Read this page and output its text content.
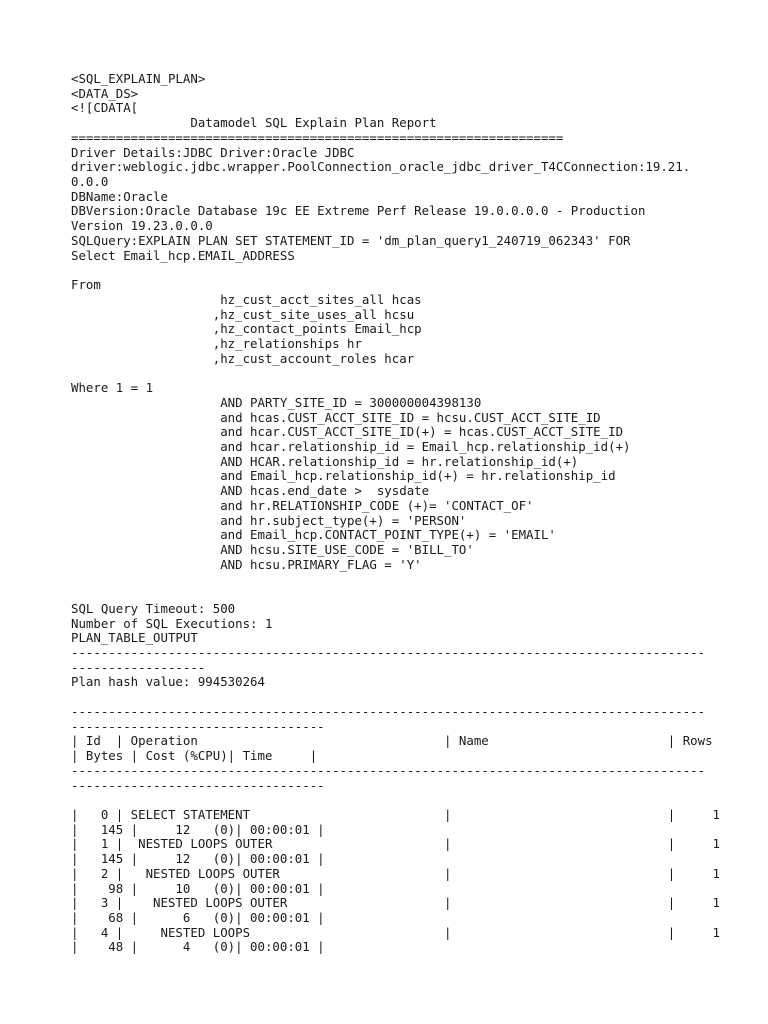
<SQL_EXPLAIN_PLAN>
<DATA_DS>
<![CDATA[
Datamodel SQL Explain Plan Report
==================================================================
Driver Details:JDBC Driver:Oracle JDBC
driver:weblogic.jdbc.wrapper.PoolConnection_oracle_jdbc_driver_T4CConnection:19.21.
0.0.0
DBName:Oracle
DBVersion:Oracle Database 19c EE Extreme Perf Release 19.0.0.0.0 - Production
Version 19.23.0.0.0
SQLQuery:EXPLAIN PLAN SET STATEMENT_ID = 'dm_plan_query1_240719_062343' FOR
Select Email_hcp.EMAIL_ADDRESS
From
hz_cust_acct_sites_all hcas
,hz_cust_site_uses_all hcsu
,hz_contact_points Email_hcp
,hz_relationships hr
,hz_cust_account_roles hcar
Where 1 = 1
AND PARTY_SITE_ID = 300000004398130
and hcas.CUST_ACCT_SITE_ID = hcsu.CUST_ACCT_SITE_ID
and hcar.CUST_ACCT_SITE_ID(+) = hcas.CUST_ACCT_SITE_ID
and hcar.relationship_id = Email_hcp.relationship_id(+)
AND HCAR.relationship_id = hr.relationship_id(+)
and Email_hcp.relationship_id(+) = hr.relationship_id
AND hcas.end_date >  sysdate
and hr.RELATIONSHIP_CODE (+)= 'CONTACT_OF'
and hr.subject_type(+) = 'PERSON'
and Email_hcp.CONTACT_POINT_TYPE(+) = 'EMAIL'
AND hcsu.SITE_USE_CODE = 'BILL_TO'
AND hcsu.PRIMARY_FLAG = 'Y'
SQL Query Timeout: 500
Number of SQL Executions: 1
PLAN_TABLE_OUTPUT
-------------------------------------------------------------------------------------
------------------
Plan hash value: 994530264
-------------------------------------------------------------------------------------
----------------------------------
| Id  | Operation                                 | Name                        | Rows
| Bytes | Cost (%CPU)| Time     |
-------------------------------------------------------------------------------------
----------------------------------
|   0 | SELECT STATEMENT                          |                             |     1
|   145 |     12   (0)| 00:00:01 |
|   1 |  NESTED LOOPS OUTER                       |                             |     1
|   145 |     12   (0)| 00:00:01 |
|   2 |   NESTED LOOPS OUTER                      |                             |     1
|    98 |     10   (0)| 00:00:01 |
|   3 |    NESTED LOOPS OUTER                     |                             |     1
|    68 |      6   (0)| 00:00:01 |
|   4 |     NESTED LOOPS                          |                             |     1
|    48 |      4   (0)| 00:00:01 |
